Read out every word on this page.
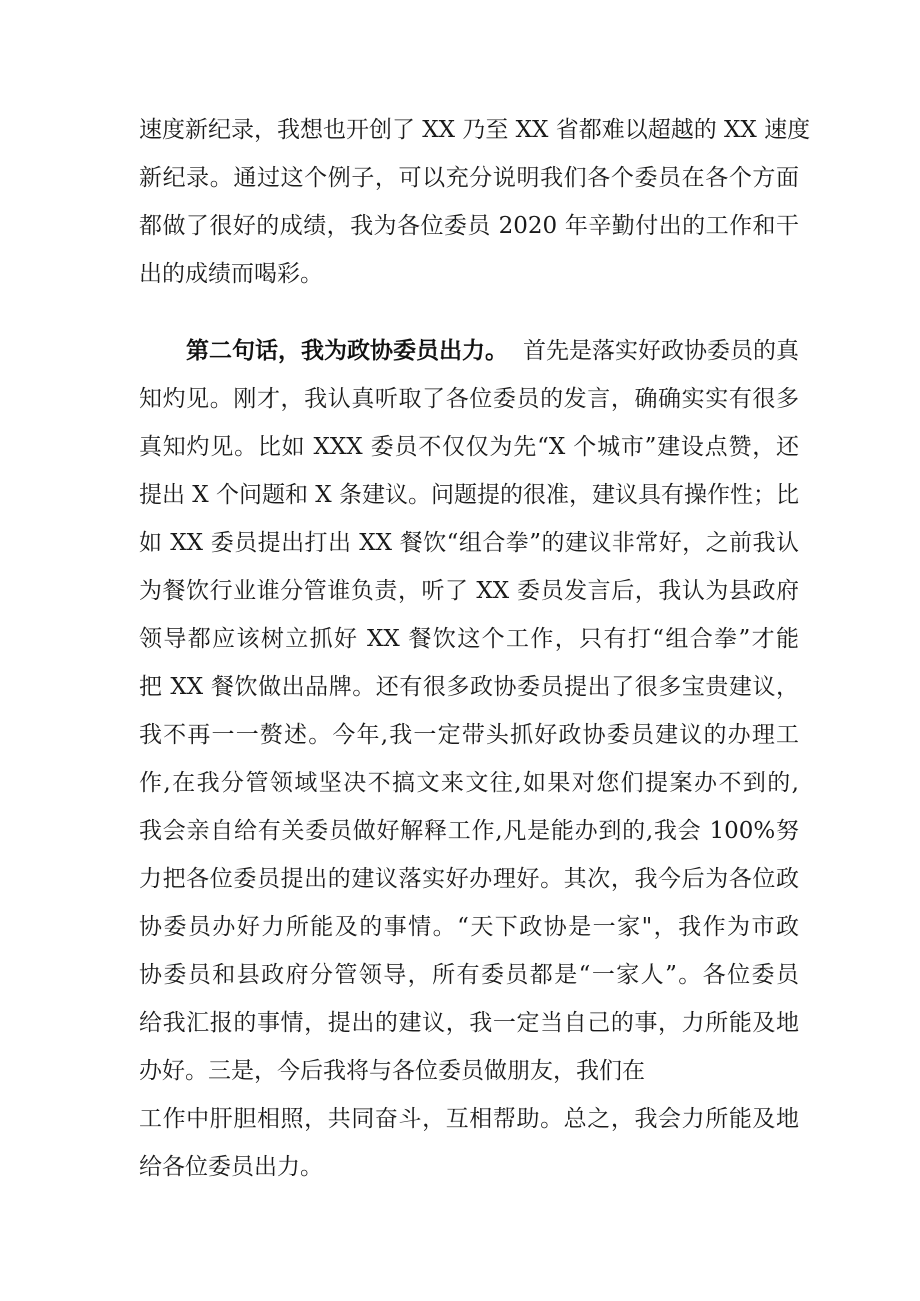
速度新纪录，我想也开创了 XX 乃至 XX 省都难以超越的 XX 速度
新纪录。通过这个例子，可以充分说明我们各个委员在各个方面
都做了很好的成绩，我为各位委员 2020 年辛勤付出的工作和干
出的成绩而喝彩。
第二句话，我为政协委员出力。 首先是落实好政协委员的真
知灼见。刚才，我认真听取了各位委员的发言，确确实实有很多
真知灼见。比如 XXX 委员不仅仅为先“X 个城市”建设点赞，还
提出 X 个问题和 X 条建议。问题提的很准，建议具有操作性；比
如 XX 委员提出打出 XX 餐饮“组合拳”的建议非常好，之前我认
为餐饮行业谁分管谁负责，听了 XX 委员发言后，我认为县政府
领导都应该树立抓好 XX 餐饮这个工作，只有打“组合拳”才能
把 XX 餐饮做出品牌。还有很多政协委员提出了很多宝贵建议，
我不再一一赘述。今年,我一定带头抓好政协委员建议的办理工
作,在我分管领域坚决不搞文来文往,如果对您们提案办不到的,
我会亲自给有关委员做好解释工作,凡是能办到的,我会 100%努
力把各位委员提出的建议落实好办理好。其次，我今后为各位政
协委员办好力所能及的事情。“天下政协是一家"，我作为市政
协委员和县政府分管领导，所有委员都是“一家人”。各位委员
给我汇报的事情，提出的建议，我一定当自己的事，力所能及地
办好。三是，今后我将与各位委员做朋友，我们在
工作中肝胆相照，共同奋斗，互相帮助。总之，我会力所能及地
给各位委员出力。
